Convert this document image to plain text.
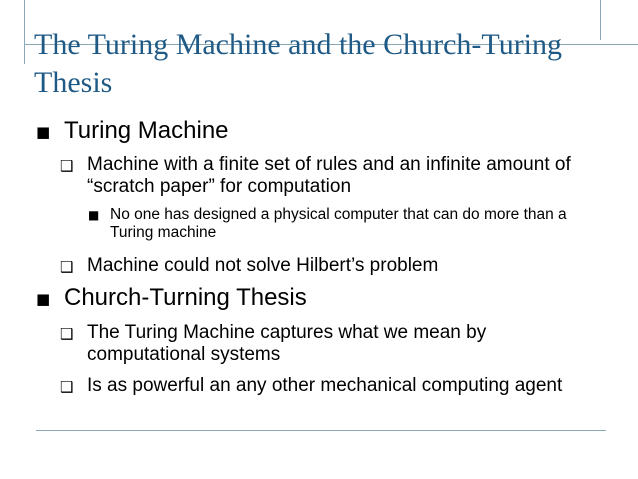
The Turing Machine and the Church-Turing Thesis
■ Turing Machine
❑ Machine with a finite set of rules and an infinite amount of “scratch paper” for computation
■ No one has designed a physical computer that can do more than a Turing machine
❑ Machine could not solve Hilbert’s problem
■ Church-Turning Thesis
❑ The Turing Machine captures what we mean by computational systems
❑ Is as powerful an any other mechanical computing agent
